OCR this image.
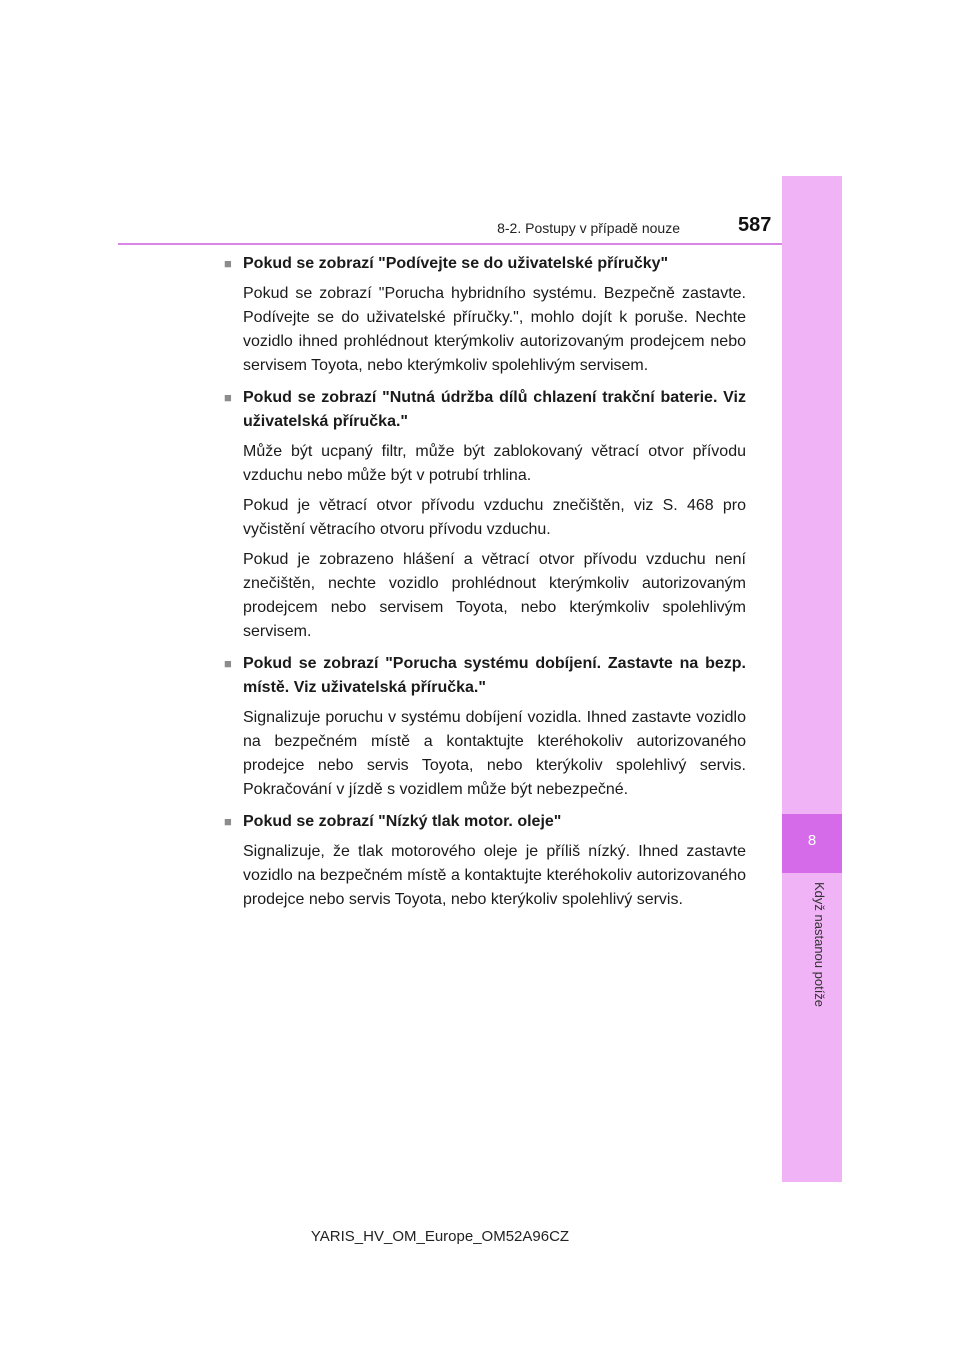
8-2. Postupy v případě nouze	587
8
Když nastanou potíže
■ Pokud se zobrazí "Podívejte se do uživatelské příručky"

Pokud se zobrazí "Porucha hybridního systému. Bezpečně zastavte. Podívejte se do uživatelské příručky.", mohlo dojít k poruše. Nechte vozidlo ihned prohlédnout kterýmkoliv autorizovaným prodejcem nebo servisem Toyota, nebo kterýmkoliv spolehlivým servisem.

■ Pokud se zobrazí "Nutná údržba dílů chlazení trakční baterie. Viz uživatelská příručka."

Může být ucpaný filtr, může být zablokovaný větrací otvor přívodu vzduchu nebo může být v potrubí trhlina.

Pokud je větrací otvor přívodu vzduchu znečištěn, viz S. 468 pro vyčistění větracího otvoru přívodu vzduchu.

Pokud je zobrazeno hlášení a větrací otvor přívodu vzduchu není znečištěn, nechte vozidlo prohlédnout kterýmkoliv autorizovaným prodejcem nebo servisem Toyota, nebo kterýmkoliv spolehlivým servisem.

■ Pokud se zobrazí "Porucha systému dobíjení. Zastavte na bezp. místě. Viz uživatelská příručka."

Signalizuje poruchu v systému dobíjení vozidla. Ihned zastavte vozidlo na bezpečném místě a kontaktujte kteréhokoliv autorizovaného prodejce nebo servis Toyota, nebo kterýkoliv spolehlivý servis. Pokračování v jízdě s vozidlem může být nebezpečné.

■ Pokud se zobrazí "Nízký tlak motor. oleje"

Signalizuje, že tlak motorového oleje je příliš nízký. Ihned zastavte vozidlo na bezpečném místě a kontaktujte kteréhokoliv autorizovaného prodejce nebo servis Toyota, nebo kterýkoliv spolehlivý servis.

YARIS_HV_OM_Europe_OM52A96CZ
